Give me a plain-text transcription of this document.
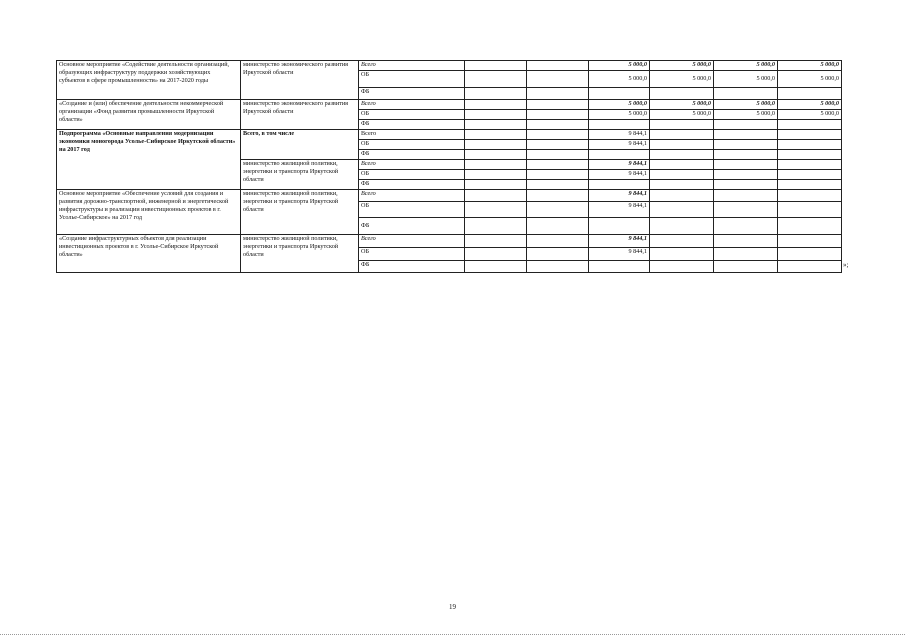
Основное мероприятие «Содействие деятельности организаций, образующих инфраструктуру поддержки хозяйствующих субъектов в сфере промышленности» на 2017-2020 годы	министерство экономического развития Иркутской области	Всего			5 000,0	5 000,0	5 000,0	5 000,0
		ОБ			5 000,0	5 000,0	5 000,0	5 000,0
		ФБ						
«Создание и (или) обеспечение деятельности некоммерческой организации «Фонд развития промышленности Иркутской области»	министерство экономического развития Иркутской области	Всего			5 000,0	5 000,0	5 000,0	5 000,0
		ОБ			5 000,0	5 000,0	5 000,0	5 000,0
		ФБ						
Подпрограмма «Основные направления модернизации экономики моногорода Усолье-Сибирское Иркутской области» на 2017 год	Всего, в том числе	Всего			9 844,1			
		ОБ			9 844,1			
		ФБ						
	министерство жилищной политики, энергетики и транспорта Иркутской области	Всего			9 844,1			
		ОБ			9 844,1			
		ФБ						
Основное мероприятие «Обеспечение условий для создания и развития дорожно-транспортной, инженерной и энергетической инфраструктуры и реализации инвестиционных проектов в г. Усолье-Сибирское» на 2017 год	министерство жилищной политики, энергетики и транспорта Иркутской области	Всего			9 844,1			
		ОБ			9 844,1			
		ФБ						
«Создание инфраструктурных объектов для реализации инвестиционных проектов в г. Усолье-Сибирское Иркутской области»	министерство жилищной политики, энергетики и транспорта Иркутской области	Всего			9 844,1			
		ОБ			9 844,1			
		ФБ							»;
19
